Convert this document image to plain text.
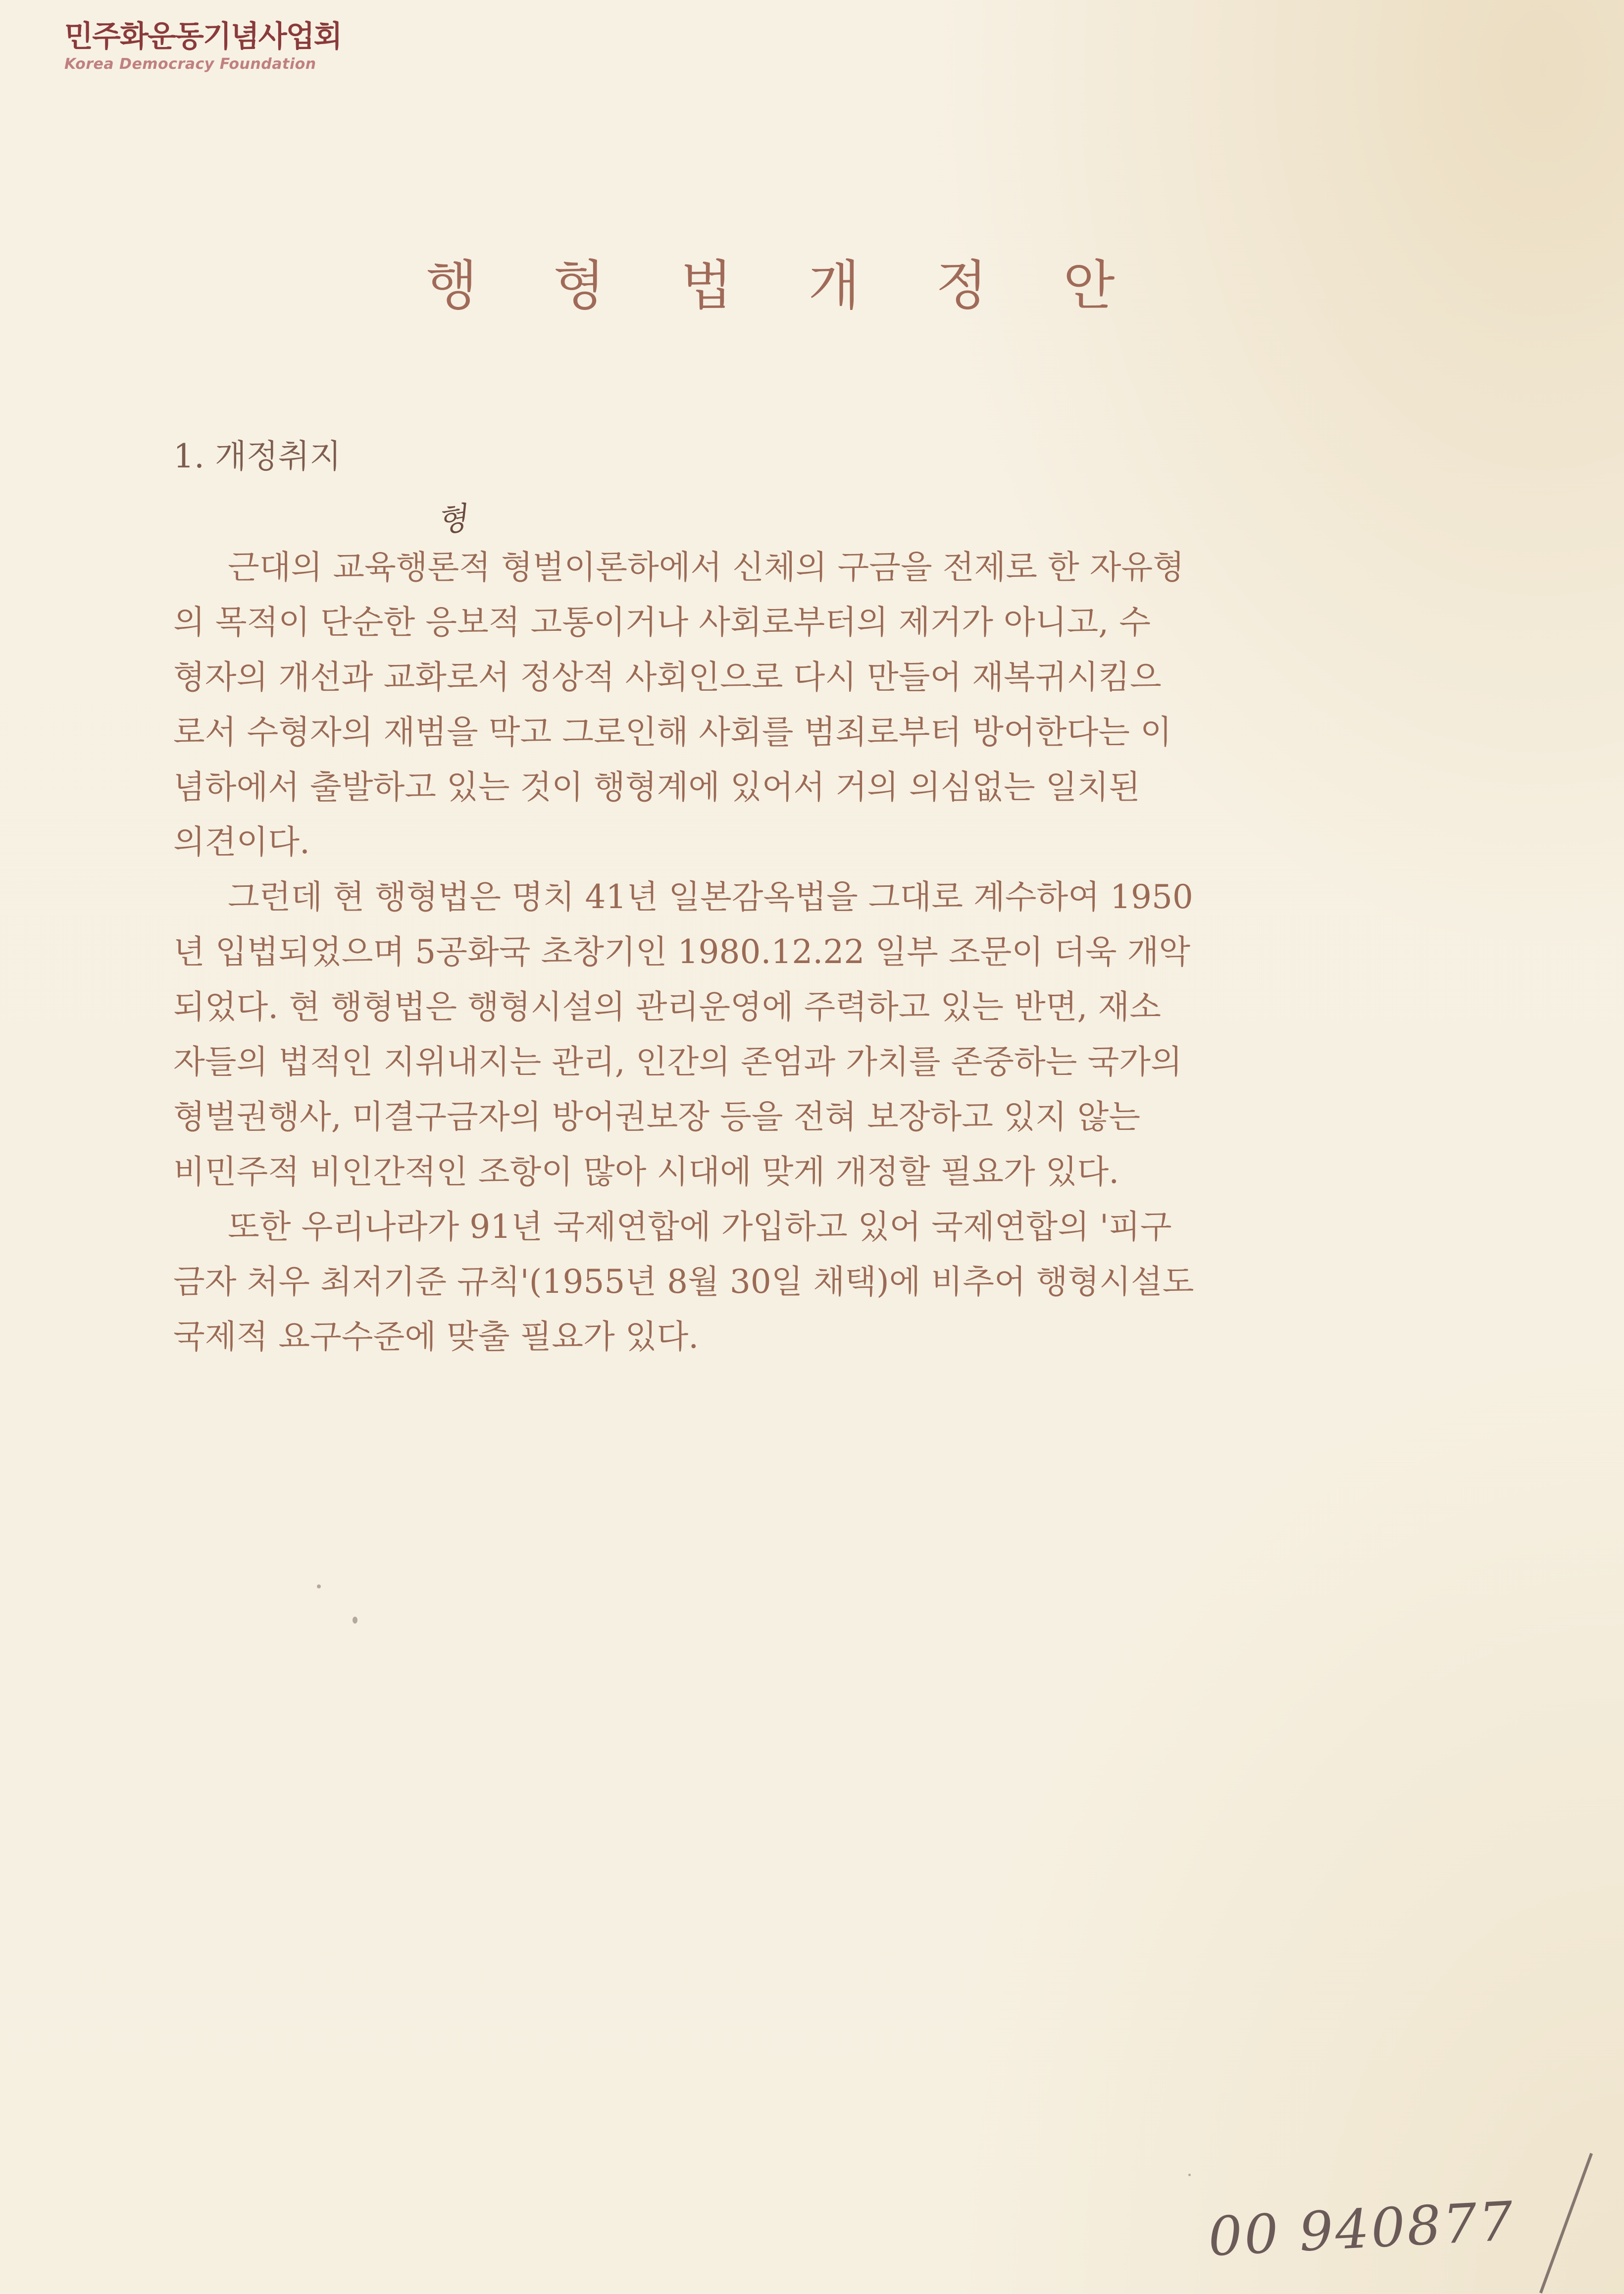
민주화운동기념사업회
Korea Democracy Foundation
행 형 법 개 정 안
1. 개정취지
형
근대의 교육행론적 형벌이론하에서 신체의 구금을 전제로 한 자유형
의 목적이 단순한 응보적 고통이거나 사회로부터의 제거가 아니고, 수
형자의 개선과 교화로서 정상적 사회인으로 다시 만들어 재복귀시킴으
로서 수형자의 재범을 막고 그로인해 사회를 범죄로부터 방어한다는 이
념하에서 출발하고 있는 것이 행형계에 있어서 거의 의심없는 일치된
의견이다.
그런데 현 행형법은 명치 41년 일본감옥법을 그대로 계수하여 1950
년 입법되었으며 5공화국 초창기인 1980.12.22 일부 조문이 더욱 개악
되었다. 현 행형법은 행형시설의 관리운영에 주력하고 있는 반면, 재소
자들의 법적인 지위내지는 관리, 인간의 존엄과 가치를 존중하는 국가의
형벌권행사, 미결구금자의 방어권보장 등을 전혀 보장하고 있지 않는
비민주적 비인간적인 조항이 많아 시대에 맞게 개정할 필요가 있다.
또한 우리나라가 91년 국제연합에 가입하고 있어 국제연합의 '피구
금자 처우 최저기준 규칙'(1955년 8월 30일 채택)에 비추어 행형시설도
국제적 요구수준에 맞출 필요가 있다.
00 940877
